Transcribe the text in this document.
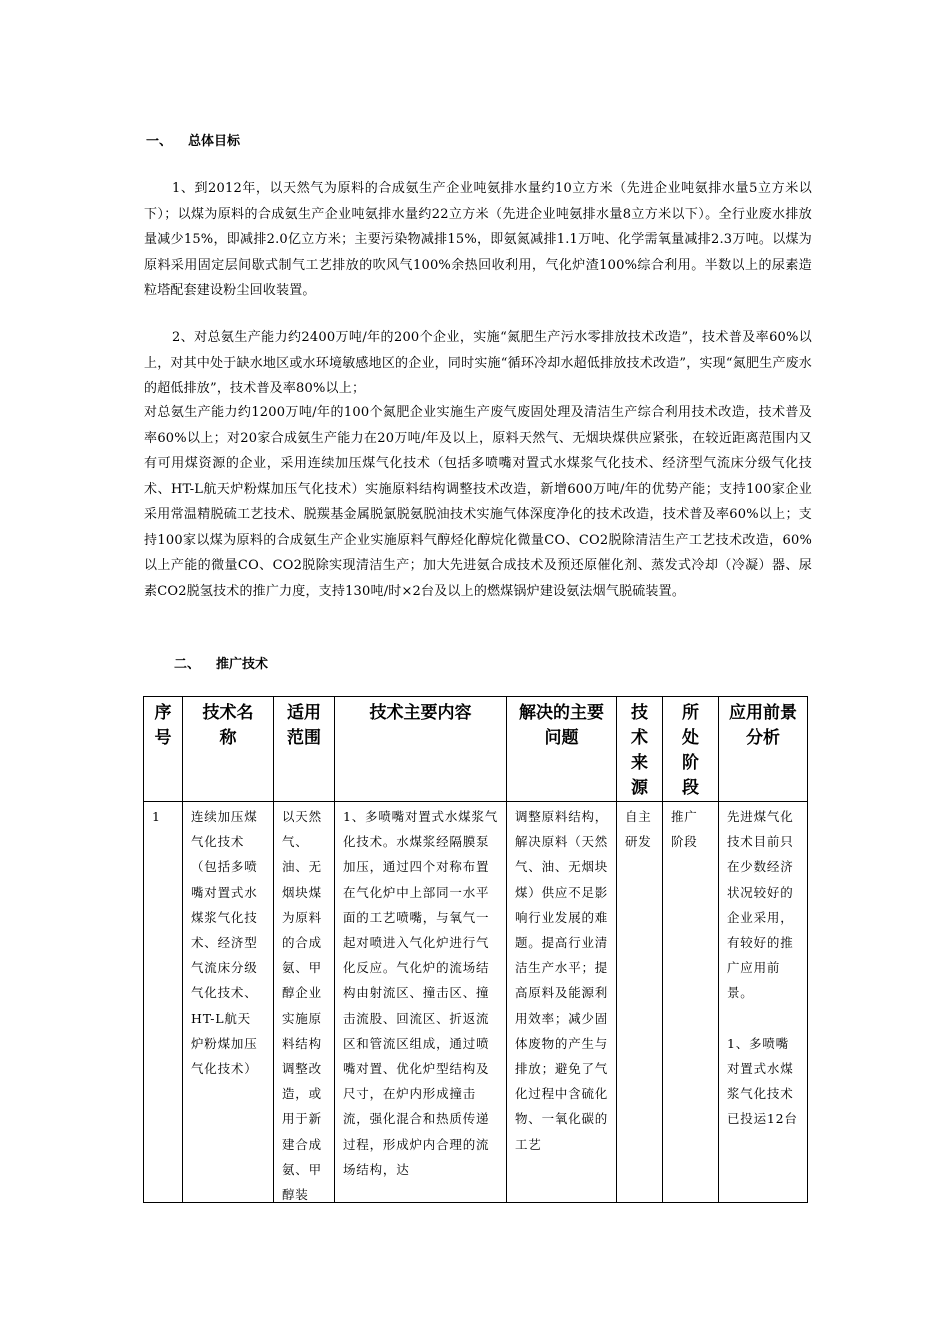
一、 总体目标

1、到2012年，以天然气为原料的合成氨生产企业吨氨排水量约10立方米（先进企业吨氨排水量5立方米以下）；以煤为原料的合成氨生产企业吨氨排水量约22立方米（先进企业吨氨排水量8立方米以下）。全行业废水排放量减少15%，即减排2.0亿立方米；主要污染物减排15%，即氨氮减排1.1万吨、化学需氧量减排2.3万吨。以煤为原料采用固定层间歇式制气工艺排放的吹风气100%余热回收利用，气化炉渣100%综合利用。半数以上的尿素造粒塔配套建设粉尘回收装置。

2、对总氨生产能力约2400万吨/年的200个企业，实施“氮肥生产污水零排放技术改造”，技术普及率60%以上，对其中处于缺水地区或水环境敏感地区的企业，同时实施“循环冷却水超低排放技术改造”，实现“氮肥生产废水的超低排放”，技术普及率80%以上；

对总氨生产能力约1200万吨/年的100个氮肥企业实施生产废气废固处理及清洁生产综合利用技术改造，技术普及率60%以上；对20家合成氨生产能力在20万吨/年及以上，原料天然气、无烟块煤供应紧张，在较近距离范围内又有可用煤资源的企业，采用连续加压煤气化技术（包括多喷嘴对置式水煤浆气化技术、经济型气流床分级气化技术、HT-L航天炉粉煤加压气化技术）实施原料结构调整技术改造，新增600万吨/年的优势产能；支持100家企业采用常温精脱硫工艺技术、脱羰基金属脱氯脱氨脱油技术实施气体深度净化的技术改造，技术普及率60%以上；支持100家以煤为原料的合成氨生产企业实施原料气醇烃化醇烷化微量CO、CO2脱除清洁生产工艺技术改造，60%以上产能的微量CO、CO2脱除实现清洁生产；加大先进氨合成技术及预还原催化剂、蒸发式冷却（冷凝）器、尿素CO2脱氢技术的推广力度，支持130吨/时×2台及以上的燃煤锅炉建设氨法烟气脱硫装置。

二、 推广技术
序号	技术名称	适用范围	技术主要内容	解决的主要问题	技术来源	所处阶段	应用前景分析

1	连续加压煤气化技术（包括多喷嘴对置式水煤浆气化技术、经济型气流床分级气化技术、HT-L航天炉粉煤加压气化技术）	以天然气、油、无烟块煤为原料的合成氨、甲醇企业实施原料结构调整改造，或用于新建合成氨、甲醇装	1、多喷嘴对置式水煤浆气化技术。水煤浆经隔膜泵加压，通过四个对称布置在气化炉中上部同一水平面的工艺喷嘴，与氧气一起对喷进入气化炉进行气化反应。气化炉的流场结构由射流区、撞击区、撞击流股、回流区、折返流区和管流区组成，通过喷嘴对置、优化炉型结构及尺寸，在炉内形成撞击流，强化混合和热质传递过程，形成炉内合理的流场结构，达	调整原料结构，解决原料（天然气、油、无烟块煤）供应不足影响行业发展的难题。提高行业清洁生产水平；提高原料及能源利用效率；减少固体废物的产生与排放；避免了气化过程中含硫化物、一氧化碳的工艺	自主研发	推广阶段	先进煤气化技术目前只在少数经济状况较好的企业采用，有较好的推广应用前景。
1、多喷嘴对置式水煤浆气化技术已投运12台
